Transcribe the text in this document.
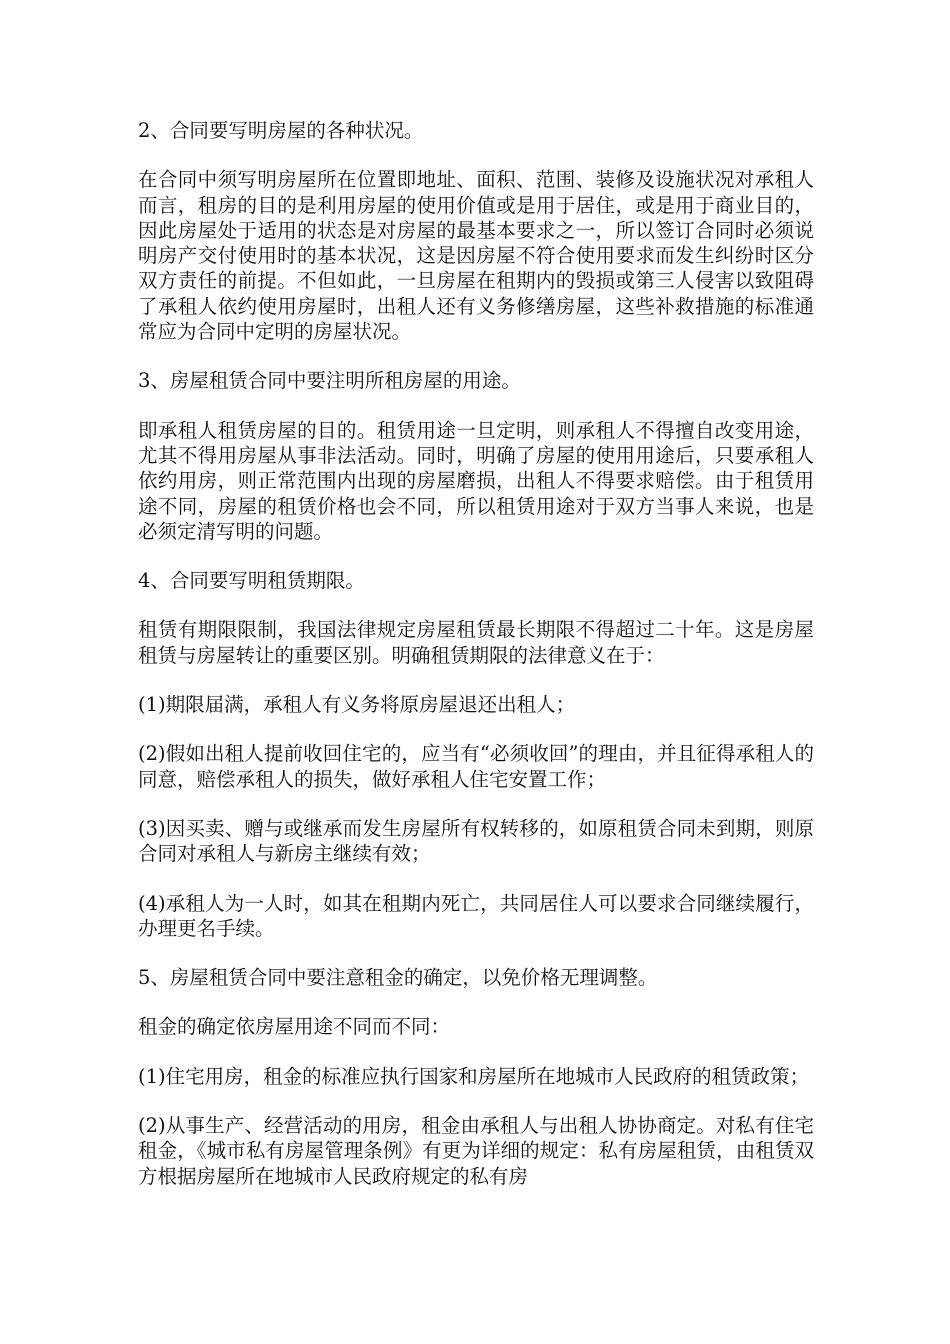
2、合同要写明房屋的各种状况。

在合同中须写明房屋所在位置即地址、面积、范围、装修及设施状况对承租人而言，租房的目的是利用房屋的使用价值或是用于居住，或是用于商业目的，因此房屋处于适用的状态是对房屋的最基本要求之一，所以签订合同时必须说明房产交付使用时的基本状况，这是因房屋不符合使用要求而发生纠纷时区分双方责任的前提。不但如此，一旦房屋在租期内的毁损或第三人侵害以致阻碍了承租人依约使用房屋时，出租人还有义务修缮房屋，这些补救措施的标准通常应为合同中定明的房屋状况。

3、房屋租赁合同中要注明所租房屋的用途。

即承租人租赁房屋的目的。租赁用途一旦定明，则承租人不得擅自改变用途，尤其不得用房屋从事非法活动。同时，明确了房屋的使用用途后，只要承租人依约用房，则正常范围内出现的房屋磨损，出租人不得要求赔偿。由于租赁用途不同，房屋的租赁价格也会不同，所以租赁用途对于双方当事人来说，也是必须定清写明的问题。

4、合同要写明租赁期限。

租赁有期限限制，我国法律规定房屋租赁最长期限不得超过二十年。这是房屋租赁与房屋转让的重要区别。明确租赁期限的法律意义在于：

(1)期限届满，承租人有义务将原房屋退还出租人；

(2)假如出租人提前收回住宅的，应当有“必须收回”的理由，并且征得承租人的同意，赔偿承租人的损失，做好承租人住宅安置工作；

(3)因买卖、赠与或继承而发生房屋所有权转移的，如原租赁合同未到期，则原合同对承租人与新房主继续有效；

(4)承租人为一人时，如其在租期内死亡，共同居住人可以要求合同继续履行，办理更名手续。

5、房屋租赁合同中要注意租金的确定，以免价格无理调整。

租金的确定依房屋用途不同而不同：

(1)住宅用房，租金的标准应执行国家和房屋所在地城市人民政府的租赁政策；

(2)从事生产、经营活动的用房，租金由承租人与出租人协协商定。对私有住宅租金，《城市私有房屋管理条例》有更为详细的规定：私有房屋租赁，由租赁双方根据房屋所在地城市人民政府规定的私有房
